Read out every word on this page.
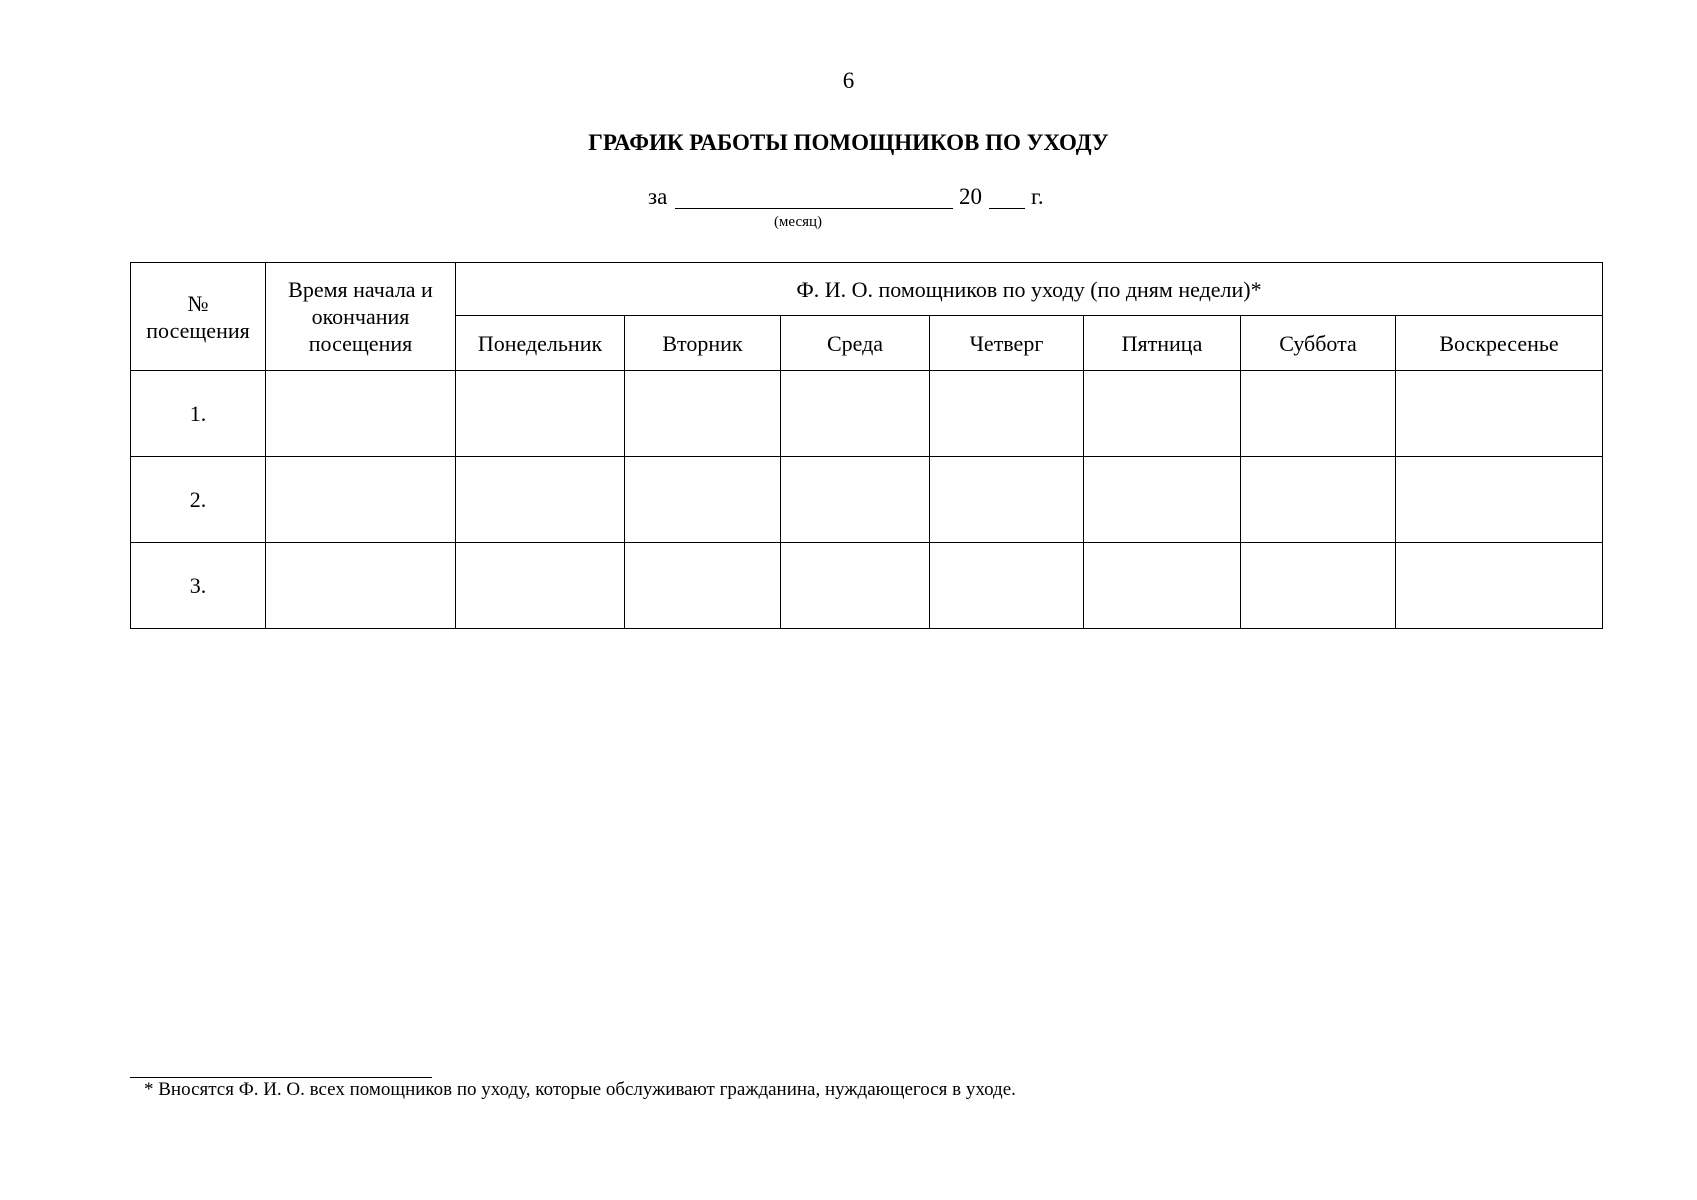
6
ГРАФИК РАБОТЫ ПОМОЩНИКОВ ПО УХОДУ
за	20 г.
(месяц)
№ посещения	Время начала и окончания посещения	Ф. И. О. помощников по уходу (по дням недели)*						
		Понедельник	Вторник	Среда	Четверг	Пятница	Суббота	Воскресенье
1.								
2.								
3.								
* Вносятся Ф. И. О. всех помощников по уходу, которые обслуживают гражданина, нуждающегося в уходе.
